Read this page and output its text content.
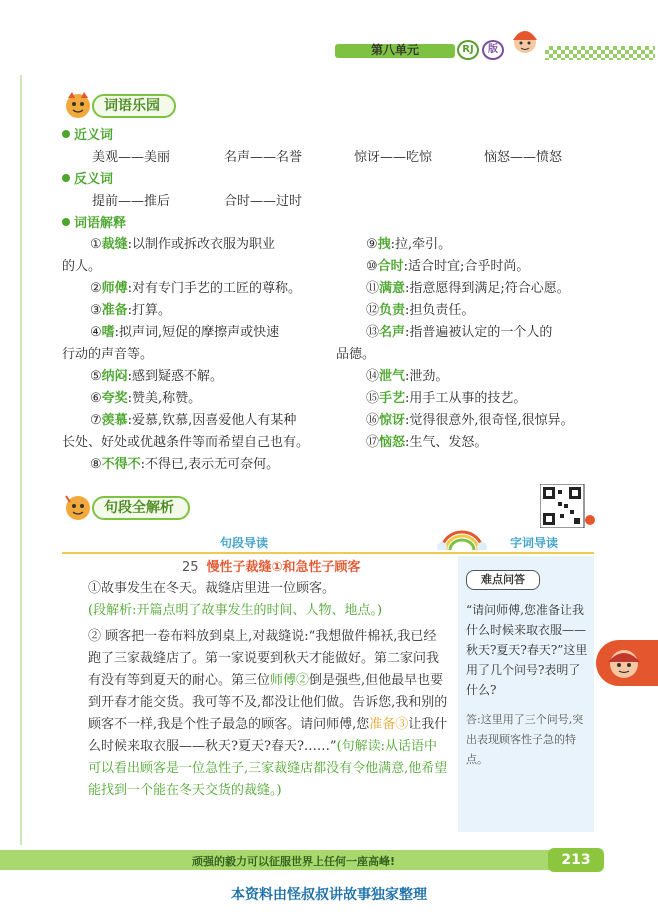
第八单元	RJ	版
词语乐园
近义词
美观——美丽	名声——名誉	惊讶——吃惊	恼怒——愤怒
反义词
提前——推后	合时——过时
词语解释
①裁缝:以制作或拆改衣服为职业
的人。
②师傅:对有专门手艺的工匠的尊称。
③准备:打算。
④嗜:拟声词,短促的摩擦声或快速
行动的声音等。
⑤纳闷:感到疑惑不解。
⑥夸奖:赞美,称赞。
⑦羡慕:爱慕,钦慕,因喜爱他人有某种
长处、好处或优越条件等而希望自己也有。
⑧不得不:不得已,表示无可奈何。
⑨拽:拉,牵引。
⑩合时:适合时宜;合乎时尚。
⑪满意:指意愿得到满足;符合心愿。
⑫负责:担负责任。
⑬名声:指普遍被认定的一个人的
品德。
⑭泄气:泄劲。
⑮手艺:用手工从事的技艺。
⑯惊讶:觉得很意外,很奇怪,很惊异。
⑰恼怒:生气、发怒。
句段全解析
句段导读	字词导读
25 慢性子裁缝①和急性子顾客
①故事发生在冬天。裁缝店里进一位顾客。
(段解析:开篇点明了故事发生的时间、人物、地点。)
② 顾客把一卷布料放到桌上,对裁缝说:“我想做件棉袄,我已经跑了三家裁缝店了。第一家说要到秋天才能做好。第二家问我有没有等到夏天的耐心。第三位师傅②倒是强些,但他最早也要到开春才能交货。我可等不及,都没让他们做。告诉您,我和别的顾客不一样,我是个性子最急的顾客。请问师傅,您准备③让我什么时候来取衣服——秋天?夏天?春天?……”(句解读:从话语中可以看出顾客是一位急性子,三家裁缝店都没有令他满意,他希望能找到一个能在冬天交货的裁缝。)
难点问答
“请问师傅,您准备让我什么时候来取衣服——秋天?夏天?春天?”这里用了几个问号?表明了什么?
答:这里用了三个问号,突出表现顾客性子急的特点。
顽强的毅力可以征服世界上任何一座高峰!	213
本资料由怪叔叔讲故事独家整理
